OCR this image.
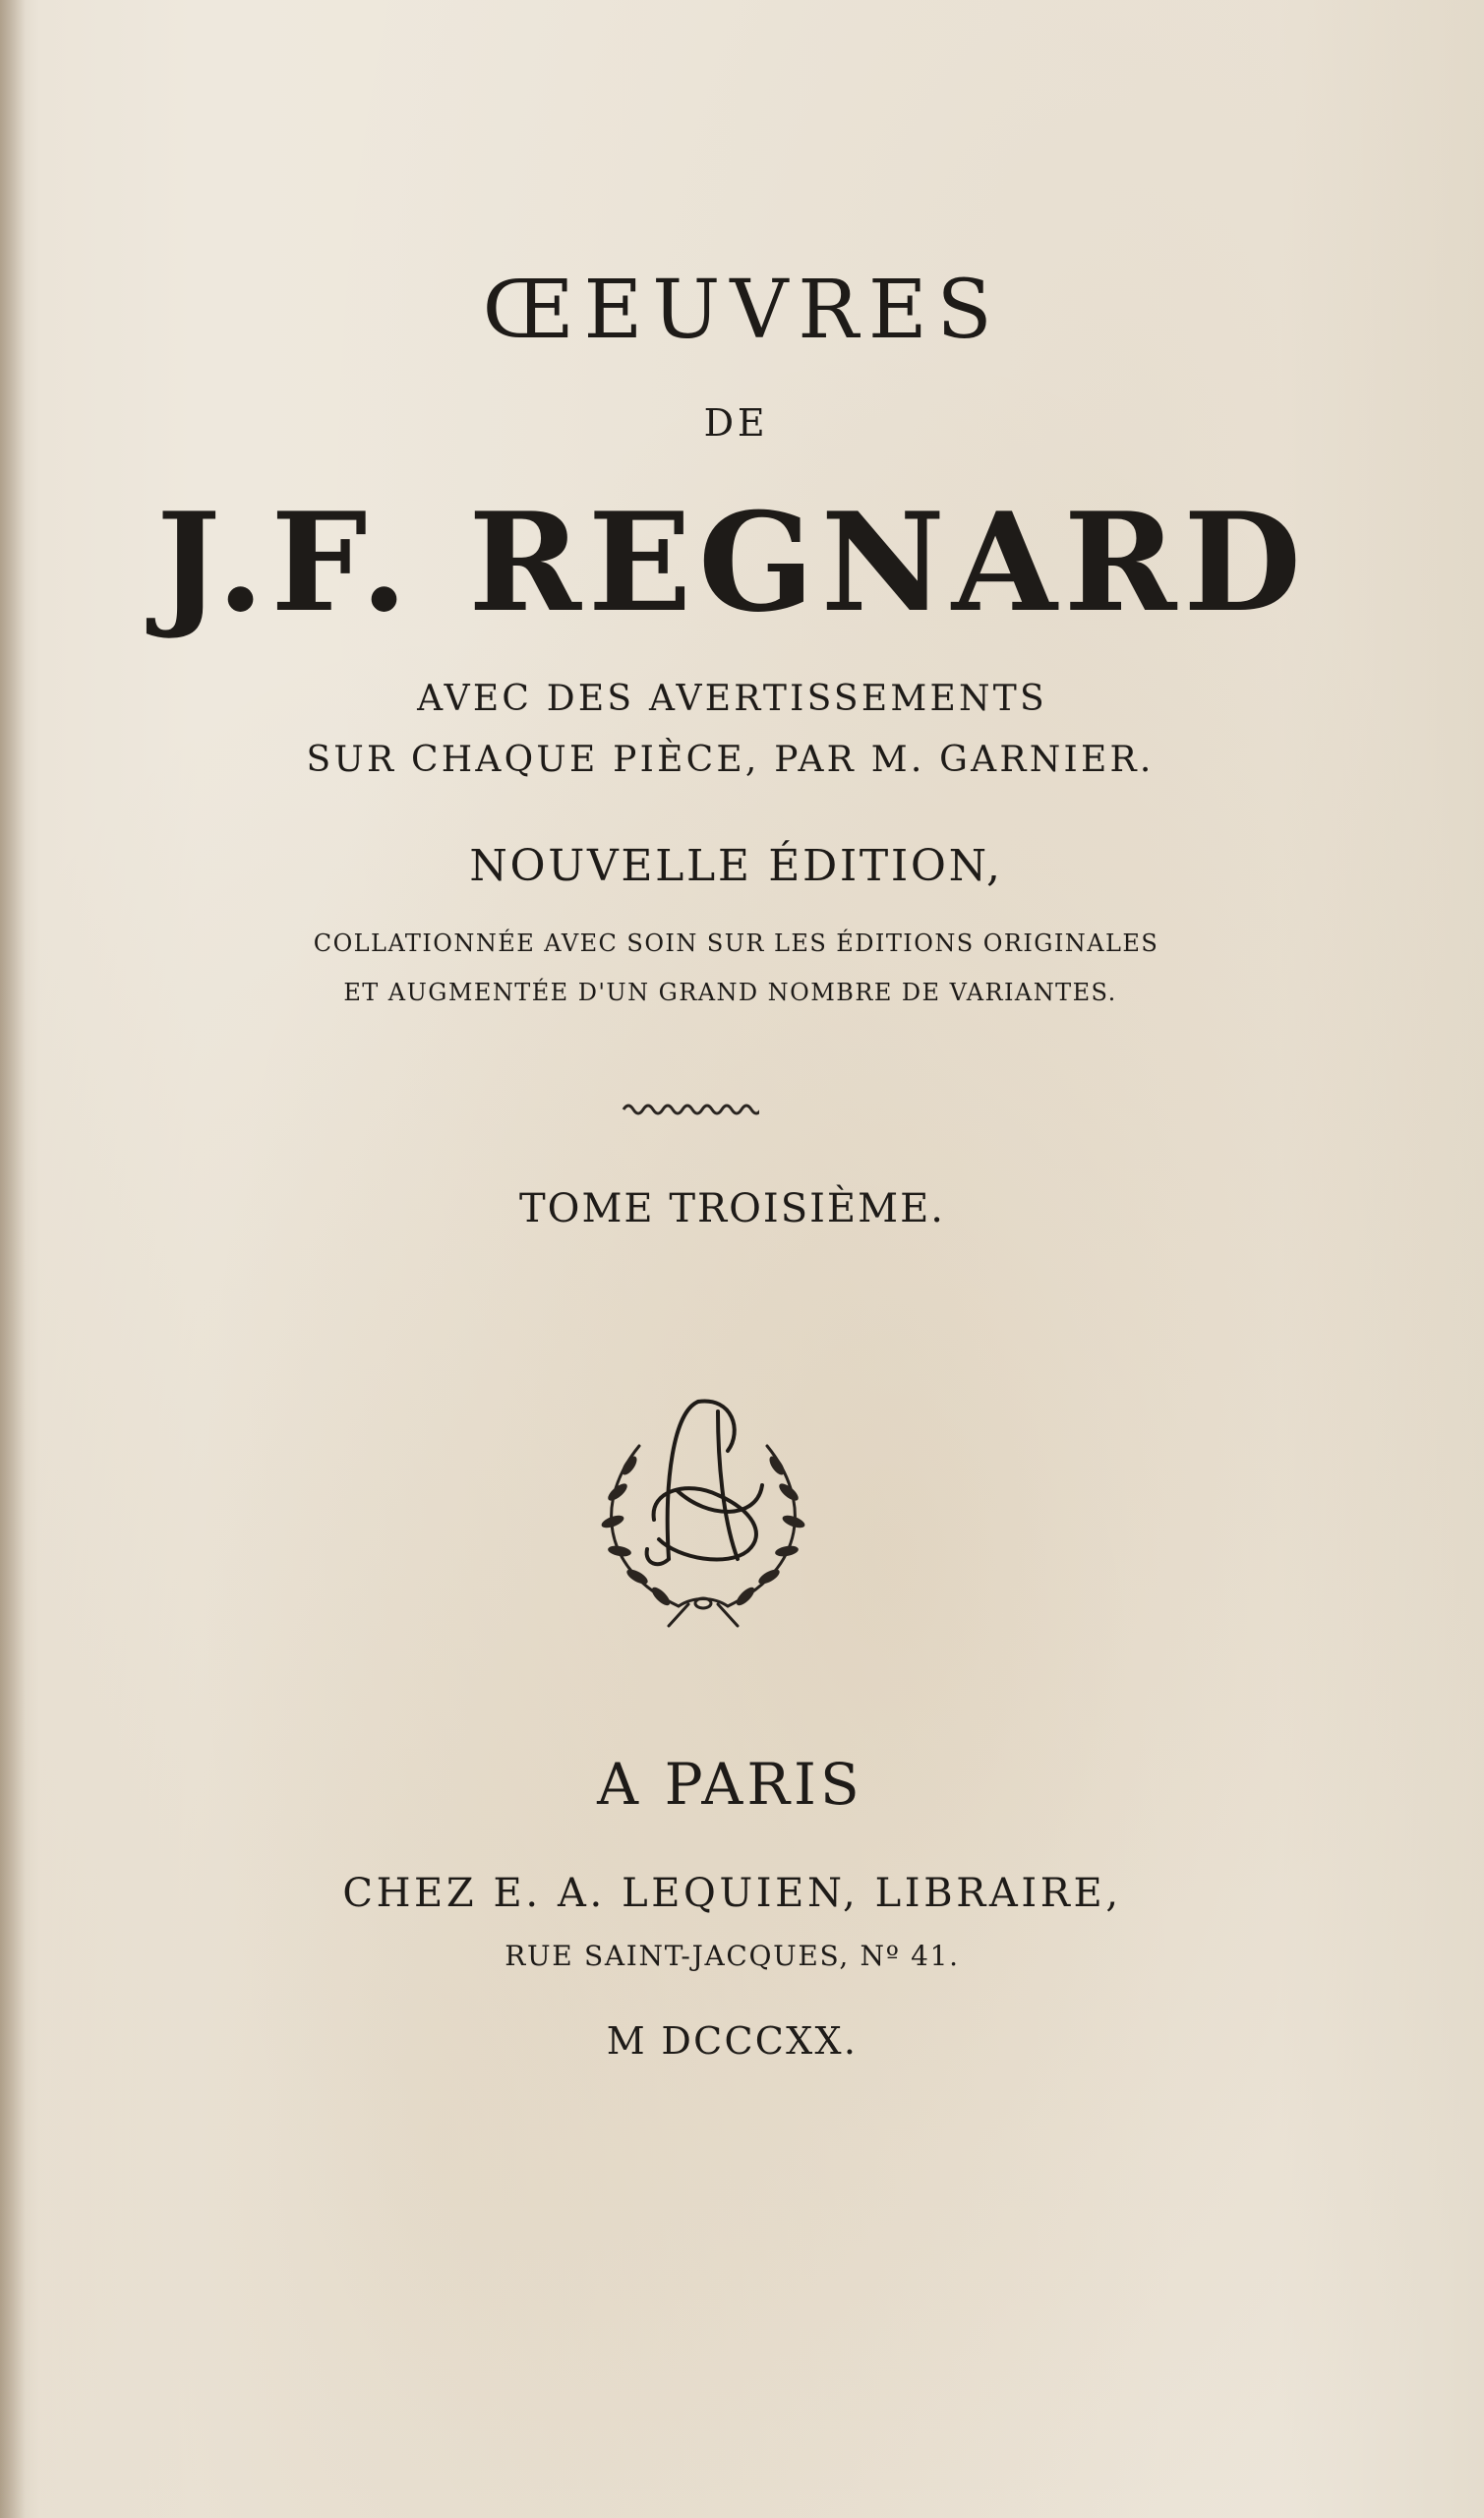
ŒEUVRES
DE
J.F. REGNARD
AVEC DES AVERTISSEMENTS
SUR CHAQUE PIÈCE, PAR M. GARNIER.
NOUVELLE ÉDITION,
COLLATIONNÉE AVEC SOIN SUR LES ÉDITIONS ORIGINALES
ET AUGMENTÉE D'UN GRAND NOMBRE DE VARIANTES.
TOME TROISIÈME.
A PARIS
CHEZ E. A. LEQUIEN, LIBRAIRE,
RUE SAINT-JACQUES, Nº 41.
M DCCCXX.
